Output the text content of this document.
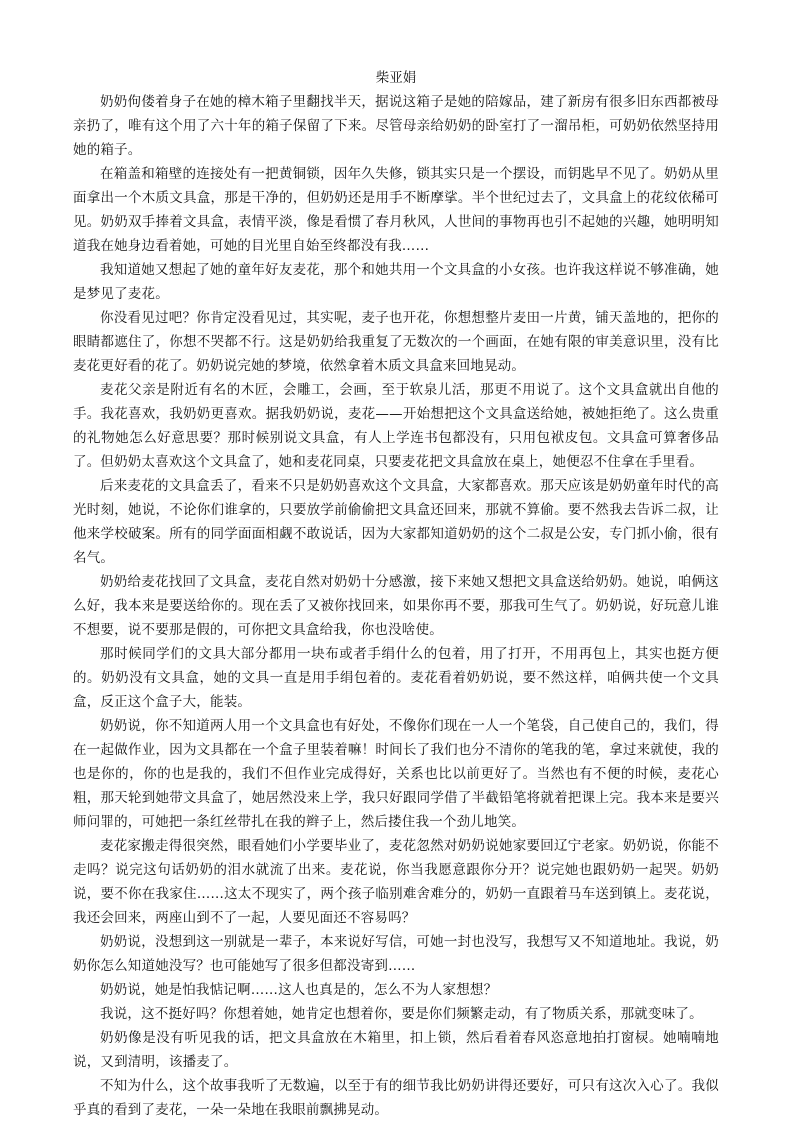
柴亚娟

奶奶佝偻着身子在她的樟木箱子里翻找半天，据说这箱子是她的陪嫁品，建了新房有很多旧东西都被母亲扔了，唯有这个用了六十年的箱子保留了下来。尽管母亲给奶奶的卧室打了一溜吊柜，可奶奶依然坚持用她的箱子。

在箱盖和箱壁的连接处有一把黄铜锁，因年久失修，锁其实只是一个摆设，而钥匙早不见了。奶奶从里面拿出一个木质文具盒，那是干净的，但奶奶还是用手不断摩挲。半个世纪过去了，文具盒上的花纹依稀可见。奶奶双手捧着文具盒，表情平淡，像是看惯了春月秋风，人世间的事物再也引不起她的兴趣，她明明知道我在她身边看着她，可她的目光里自始至终都没有我……

我知道她又想起了她的童年好友麦花，那个和她共用一个文具盒的小女孩。也许我这样说不够准确，她是梦见了麦花。

你没看见过吧？你肯定没看见过，其实呢，麦子也开花，你想想整片麦田一片黄，铺天盖地的，把你的眼睛都遮住了，你想不哭都不行。这是奶奶给我重复了无数次的一个画面，在她有限的审美意识里，没有比麦花更好看的花了。奶奶说完她的梦境，依然拿着木质文具盒来回地晃动。

麦花父亲是附近有名的木匠，会雕工，会画，至于软泉儿活，那更不用说了。这个文具盒就出自他的手。我花喜欢，我奶奶更喜欢。据我奶奶说，麦花——开始想把这个文具盒送给她，被她拒绝了。这么贵重的礼物她怎么好意思要？那时候别说文具盒，有人上学连书包都没有，只用包袱皮包。文具盒可算奢侈品了。但奶奶太喜欢这个文具盒了，她和麦花同桌，只要麦花把文具盒放在桌上，她便忍不住拿在手里看。

后来麦花的文具盒丢了，看来不只是奶奶喜欢这个文具盒，大家都喜欢。那天应该是奶奶童年时代的高光时刻，她说，不论你们谁拿的，只要放学前偷偷把文具盒还回来，那就不算偷。要不然我去告诉二叔，让他来学校破案。所有的同学面面相觑不敢说话，因为大家都知道奶奶的这个二叔是公安，专门抓小偷，很有名气。

奶奶给麦花找回了文具盒，麦花自然对奶奶十分感激，接下来她又想把文具盒送给奶奶。她说，咱俩这么好，我本来是要送给你的。现在丢了又被你找回来，如果你再不要，那我可生气了。奶奶说，好玩意儿谁不想要，说不要那是假的，可你把文具盒给我，你也没啥使。

那时候同学们的文具大部分都用一块布或者手绢什么的包着，用了打开，不用再包上，其实也挺方便的。奶奶没有文具盒，她的文具一直是用手绢包着的。麦花看着奶奶说，要不然这样，咱俩共使一个文具盒，反正这个盒子大，能装。

奶奶说，你不知道两人用一个文具盒也有好处，不像你们现在一人一个笔袋，自己使自己的，我们，得在一起做作业，因为文具都在一个盒子里装着嘛！时间长了我们也分不清你的笔我的笔，拿过来就使，我的也是你的，你的也是我的，我们不但作业完成得好，关系也比以前更好了。当然也有不便的时候，麦花心粗，那天轮到她带文具盒了，她居然没来上学，我只好跟同学借了半截铅笔将就着把课上完。我本来是要兴师问罪的，可她把一条红丝带扎在我的辫子上，然后搂住我一个劲儿地笑。

麦花家搬走得很突然，眼看她们小学要毕业了，麦花忽然对奶奶说她家要回辽宁老家。奶奶说，你能不走吗？说完这句话奶奶的泪水就流了出来。麦花说，你当我愿意跟你分开？说完她也跟奶奶一起哭。奶奶说，要不你在我家住……这太不现实了，两个孩子临别难舍难分的，奶奶一直跟着马车送到镇上。麦花说，我还会回来，两座山到不了一起，人要见面还不容易吗？

奶奶说，没想到这一别就是一辈子，本来说好写信，可她一封也没写，我想写又不知道地址。我说，奶奶你怎么知道她没写？也可能她写了很多但都没寄到……

奶奶说，她是怕我惦记啊……这人也真是的，怎么不为人家想想？

我说，这不挺好吗？你想着她，她肯定也想着你，要是你们频繁走动，有了物质关系，那就变味了。

奶奶像是没有听见我的话，把文具盒放在木箱里，扣上锁，然后看着春风恣意地拍打窗棂。她喃喃地说，又到清明，该播麦了。

不知为什么，这个故事我听了无数遍，以至于有的细节我比奶奶讲得还要好，可只有这次入心了。我似乎真的看到了麦花，一朵一朵地在我眼前飘拂晃动。
